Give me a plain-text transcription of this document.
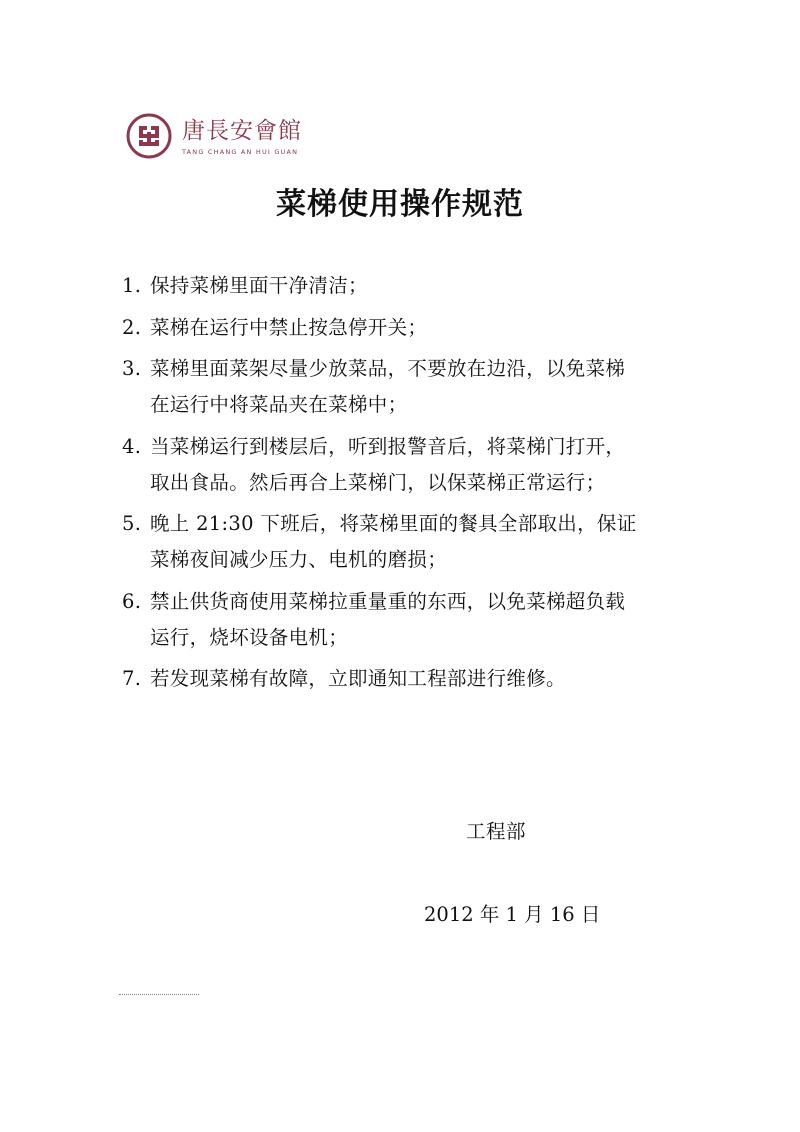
唐長安會館
TANG CHANG AN HUI GUAN
菜梯使用操作规范
1. 保持菜梯里面干净清洁；
2. 菜梯在运行中禁止按急停开关；
3. 菜梯里面菜架尽量少放菜品，不要放在边沿，以免菜梯
在运行中将菜品夹在菜梯中；
4. 当菜梯运行到楼层后，听到报警音后，将菜梯门打开，
取出食品。然后再合上菜梯门，以保菜梯正常运行；
5. 晚上 21:30 下班后，将菜梯里面的餐具全部取出，保证
菜梯夜间减少压力、电机的磨损；
6. 禁止供货商使用菜梯拉重量重的东西，以免菜梯超负载
运行，烧坏设备电机；
7. 若发现菜梯有故障，立即通知工程部进行维修。
工程部
2012 年 1 月 16 日
